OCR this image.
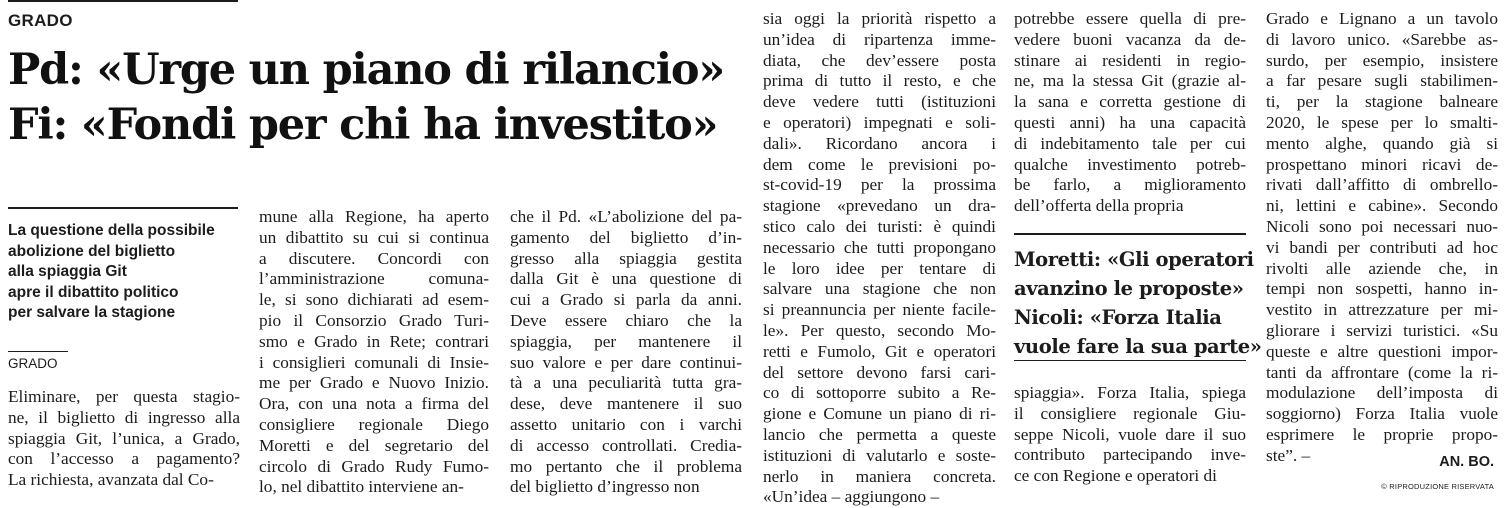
GRADO
Pd: «Urge un piano di rilancio»
Fi: «Fondi per chi ha investito»
La questione della possibile
abolizione del biglietto
alla spiaggia Git
apre il dibattito politico
per salvare la stagione
GRADO
Eliminare, per questa stagio-
ne, il biglietto di ingresso alla
spiaggia Git, l’unica, a Grado,
con l’accesso a pagamento?
La richiesta, avanzata dal Co-
mune alla Regione, ha aperto
un dibattito su cui si continua
a discutere. Concordi con
l’amministrazione comuna-
le, si sono dichiarati ad esem-
pio il Consorzio Grado Turi-
smo e Grado in Rete; contrari
i consiglieri comunali di Insie-
me per Grado e Nuovo Inizio.
Ora, con una nota a firma del
consigliere regionale Diego
Moretti e del segretario del
circolo di Grado Rudy Fumo-
lo, nel dibattito interviene an-
che il Pd. «L’abolizione del pa-
gamento del biglietto d’in-
gresso alla spiaggia gestita
dalla Git è una questione di
cui a Grado si parla da anni.
Deve essere chiaro che la
spiaggia, per mantenere il
suo valore e per dare continui-
tà a una peculiarità tutta gra-
dese, deve mantenere il suo
assetto unitario con i varchi
di accesso controllati. Credia-
mo pertanto che il problema
del biglietto d’ingresso non
sia oggi la priorità rispetto a
un’idea di ripartenza imme-
diata, che dev’essere posta
prima di tutto il resto, e che
deve vedere tutti (istituzioni
e operatori) impegnati e soli-
dali». Ricordano ancora i
dem come le previsioni po-
st-covid-19 per la prossima
stagione «prevedano un dra-
stico calo dei turisti: è quindi
necessario che tutti propongano
le loro idee per tentare di
salvare una stagione che non
si preannuncia per niente facile-
le». Per questo, secondo Mo-
retti e Fumolo, Git e operatori
del settore devono farsi cari-
co di sottoporre subito a Re-
gione e Comune un piano di ri-
lancio che permetta a queste
istituzioni di valutarlo e soste-
nerlo in maniera concreta.
«Un’idea – aggiungono –
potrebbe essere quella di pre-
vedere buoni vacanza da de-
stinare ai residenti in regio-
ne, ma la stessa Git (grazie al-
la sana e corretta gestione di
questi anni) ha una capacità
di indebitamento tale per cui
qualche investimento potreb-
be farlo, a miglioramento
dell’offerta della propria
Moretti: «Gli operatori
avanzino le proposte»
Nicoli: «Forza Italia
vuole fare la sua parte»
spiaggia». Forza Italia, spiega
il consigliere regionale Giu-
seppe Nicoli, vuole dare il suo
contributo partecipando inve-
ce con Regione e operatori di
Grado e Lignano a un tavolo
di lavoro unico. «Sarebbe as-
surdo, per esempio, insistere
a far pesare sugli stabilimen-
ti, per la stagione balneare
2020, le spese per lo smalti-
mento alghe, quando già si
prospettano minori ricavi de-
rivati dall’affitto di ombrello-
ni, lettini e cabine». Secondo
Nicoli sono poi necessari nuo-
vi bandi per contributi ad hoc
rivolti alle aziende che, in
tempi non sospetti, hanno in-
vestito in attrezzature per mi-
gliorare i servizi turistici. «Su
queste e altre questioni impor-
tanti da affrontare (come la ri-
modulazione dell’imposta di
soggiorno) Forza Italia vuole
esprimere le proprie propo-
ste”. –	AN. BO.
© RIPRODUZIONE RISERVATA
